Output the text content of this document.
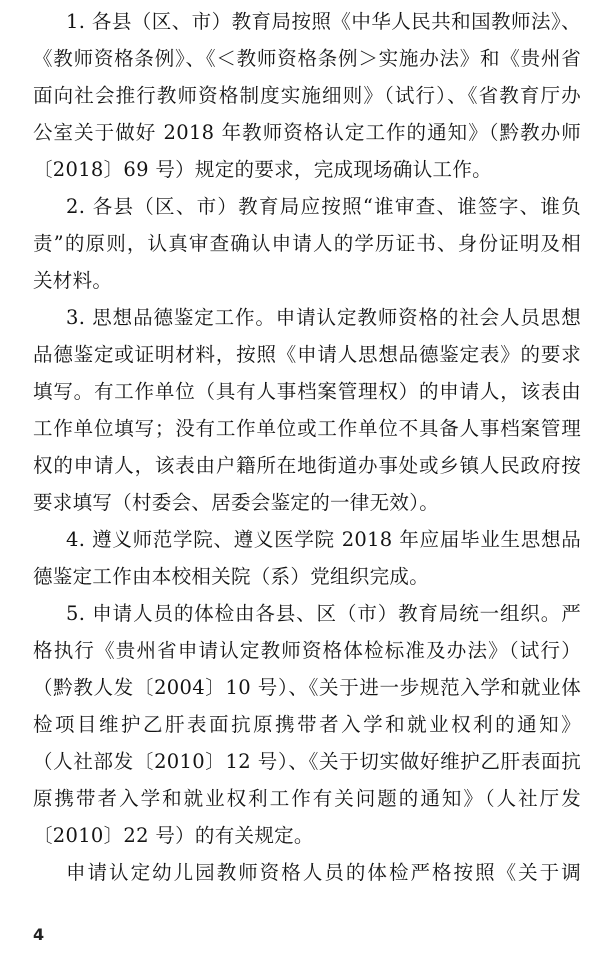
1. 各县（区、市）教育局按照《中华人民共和国教师法》、
《教师资格条例》、《＜教师资格条例＞实施办法》和《贵州省
面向社会推行教师资格制度实施细则》（试行）、《省教育厅办
公室关于做好 2018 年教师资格认定工作的通知》（黔教办师
〔2018〕69 号）规定的要求，完成现场确认工作。
2. 各县（区、市）教育局应按照“谁审查、谁签字、谁负
责”的原则，认真审查确认申请人的学历证书、身份证明及相
关材料。
3. 思想品德鉴定工作。申请认定教师资格的社会人员思想
品德鉴定或证明材料，按照《申请人思想品德鉴定表》的要求
填写。有工作单位（具有人事档案管理权）的申请人，该表由
工作单位填写；没有工作单位或工作单位不具备人事档案管理
权的申请人，该表由户籍所在地街道办事处或乡镇人民政府按
要求填写（村委会、居委会鉴定的一律无效）。
4. 遵义师范学院、遵义医学院 2018 年应届毕业生思想品
德鉴定工作由本校相关院（系）党组织完成。
5. 申请人员的体检由各县、区（市）教育局统一组织。严
格执行《贵州省申请认定教师资格体检标准及办法》（试行）
（黔教人发〔2004〕10 号）、《关于进一步规范入学和就业体
检项目维护乙肝表面抗原携带者入学和就业权利的通知》
（人社部发〔2010〕12 号）、《关于切实做好维护乙肝表面抗
原携带者入学和就业权利工作有关问题的通知》（人社厅发
〔2010〕22 号）的有关规定。
申请认定幼儿园教师资格人员的体检严格按照《关于调
4
